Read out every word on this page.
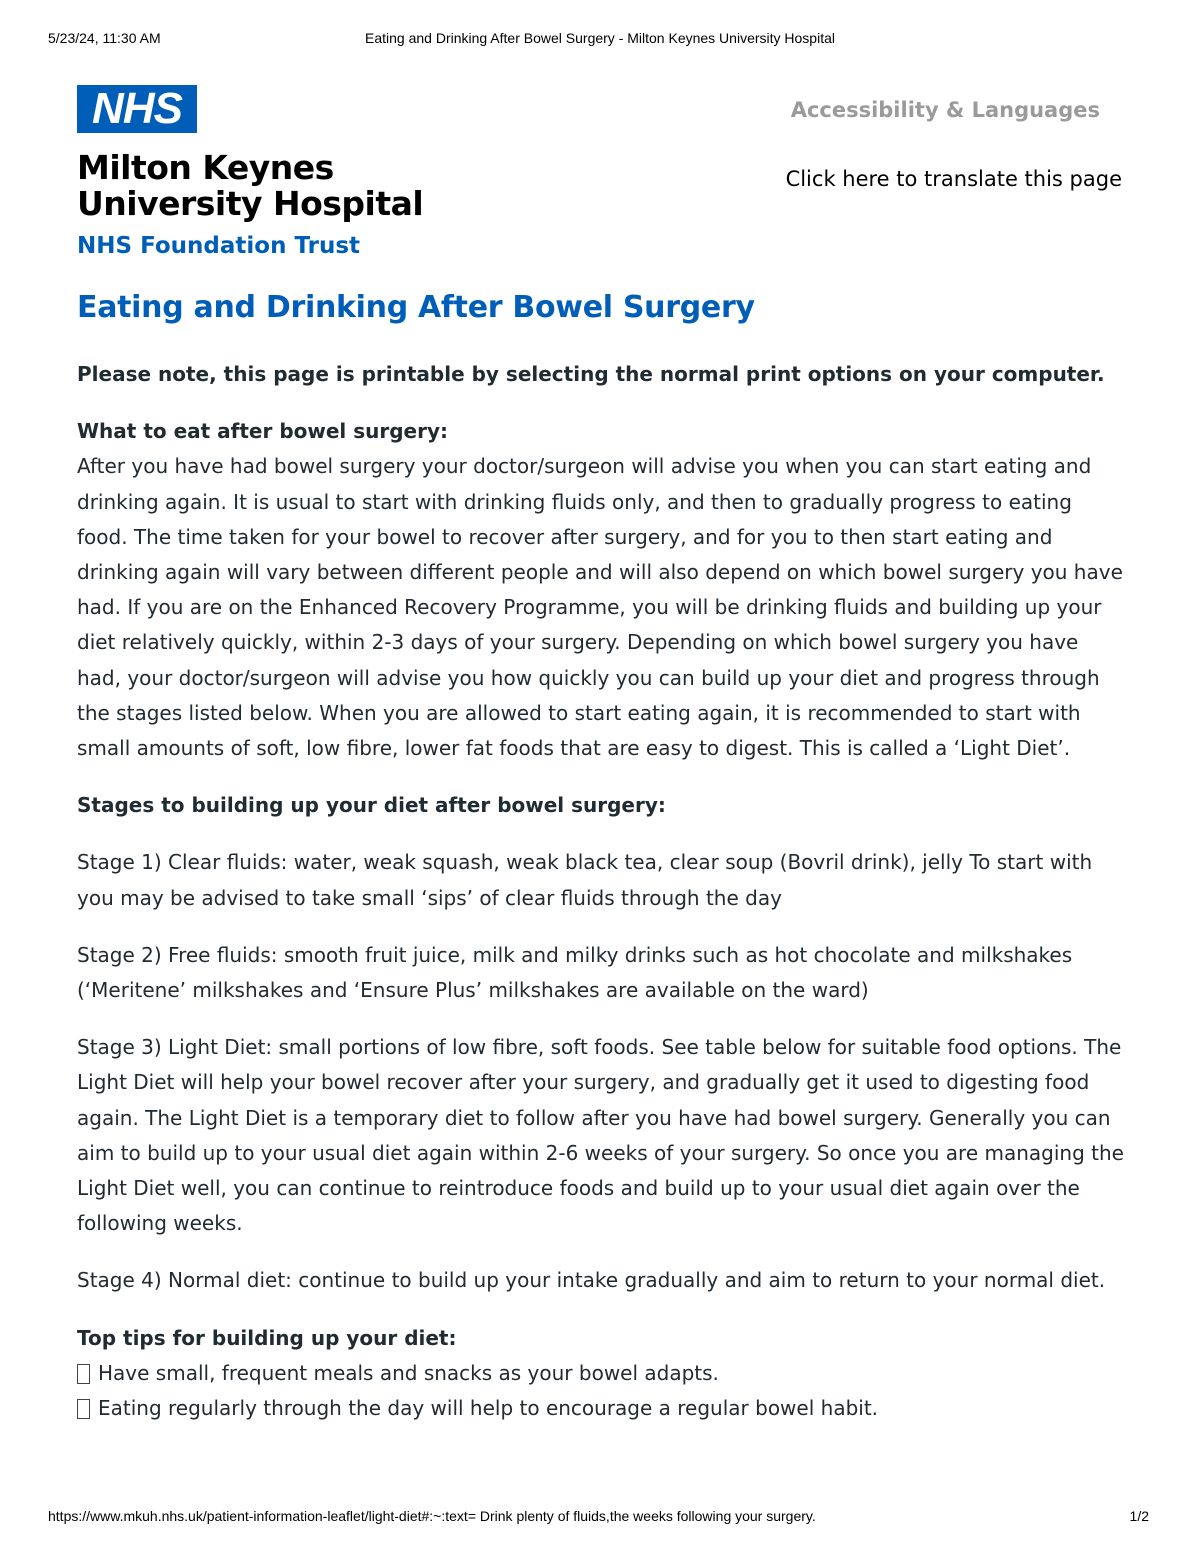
5/23/24, 11:30 AM	Eating and Drinking After Bowel Surgery - Milton Keynes University Hospital
NHS
Milton Keynes
University Hospital
NHS Foundation Trust
Accessibility & Languages
Click here to translate this page
Eating and Drinking After Bowel Surgery

Please note, this page is printable by selecting the normal print options on your computer.

What to eat after bowel surgery:

After you have had bowel surgery your doctor/surgeon will advise you when you can start eating and drinking again. It is usual to start with drinking fluids only, and then to gradually progress to eating food. The time taken for your bowel to recover after surgery, and for you to then start eating and drinking again will vary between different people and will also depend on which bowel surgery you have had. If you are on the Enhanced Recovery Programme, you will be drinking fluids and building up your diet relatively quickly, within 2-3 days of your surgery. Depending on which bowel surgery you have had, your doctor/surgeon will advise you how quickly you can build up your diet and progress through the stages listed below. When you are allowed to start eating again, it is recommended to start with small amounts of soft, low fibre, lower fat foods that are easy to digest. This is called a ‘Light Diet’.

Stages to building up your diet after bowel surgery:

Stage 1) Clear fluids: water, weak squash, weak black tea, clear soup (Bovril drink), jelly To start with you may be advised to take small ‘sips’ of clear fluids through the day

Stage 2) Free fluids: smooth fruit juice, milk and milky drinks such as hot chocolate and milkshakes (‘Meritene’ milkshakes and ‘Ensure Plus’ milkshakes are available on the ward)

Stage 3) Light Diet: small portions of low fibre, soft foods. See table below for suitable food options. The Light Diet will help your bowel recover after your surgery, and gradually get it used to digesting food again. The Light Diet is a temporary diet to follow after you have had bowel surgery. Generally you can aim to build up to your usual diet again within 2-6 weeks of your surgery. So once you are managing the Light Diet well, you can continue to reintroduce foods and build up to your usual diet again over the following weeks.

Stage 4) Normal diet: continue to build up your intake gradually and aim to return to your normal diet.

Top tips for building up your diet:

Have small, frequent meals and snacks as your bowel adapts.
Eating regularly through the day will help to encourage a regular bowel habit.
https://www.mkuh.nhs.uk/patient-information-leaflet/light-diet#:~:text= Drink plenty of fluids,the weeks following your surgery.	1/2
